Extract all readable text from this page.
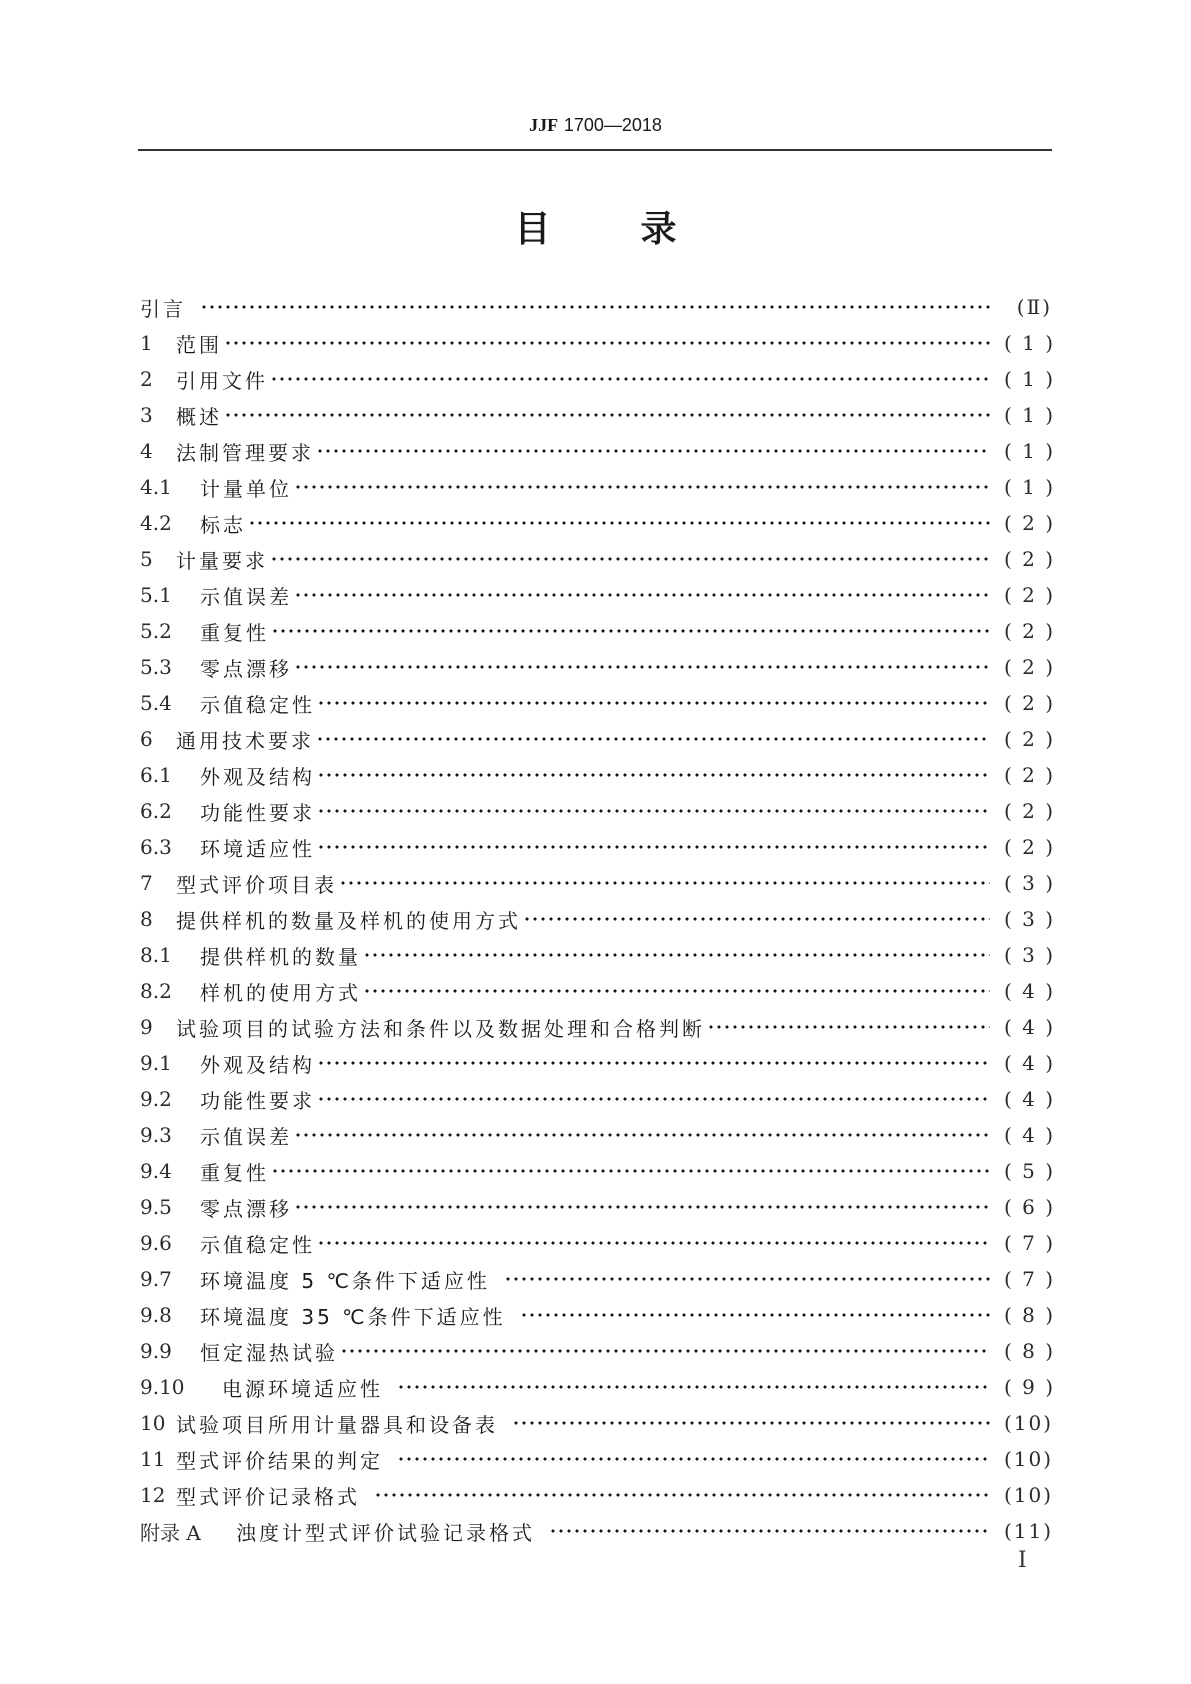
JJF 1700—2018
目	录
引言	(Ⅱ)
1	范围	( 1 )
2	引用文件	( 1 )
3	概述	( 1 )
4	法制管理要求	( 1 )
4.1	计量单位	( 1 )
4.2	标志	( 2 )
5	计量要求	( 2 )
5.1	示值误差	( 2 )
5.2	重复性	( 2 )
5.3	零点漂移	( 2 )
5.4	示值稳定性	( 2 )
6	通用技术要求	( 2 )
6.1	外观及结构	( 2 )
6.2	功能性要求	( 2 )
6.3	环境适应性	( 2 )
7	型式评价项目表	( 3 )
8	提供样机的数量及样机的使用方式	( 3 )
8.1	提供样机的数量	( 3 )
8.2	样机的使用方式	( 4 )
9	试验项目的试验方法和条件以及数据处理和合格判断	( 4 )
9.1	外观及结构	( 4 )
9.2	功能性要求	( 4 )
9.3	示值误差	( 4 )
9.4	重复性	( 5 )
9.5	零点漂移	( 6 )
9.6	示值稳定性	( 7 )
9.7	环境温度 5 ℃条件下适应性	( 7 )
9.8	环境温度 35 ℃条件下适应性	( 8 )
9.9	恒定湿热试验	( 8 )
9.10	电源环境适应性	( 9 )
10 试验项目所用计量器具和设备表	(10)
11 型式评价结果的判定	(10)
12 型式评价记录格式	(10)
附录 A	浊度计型式评价试验记录格式	(11)
I
